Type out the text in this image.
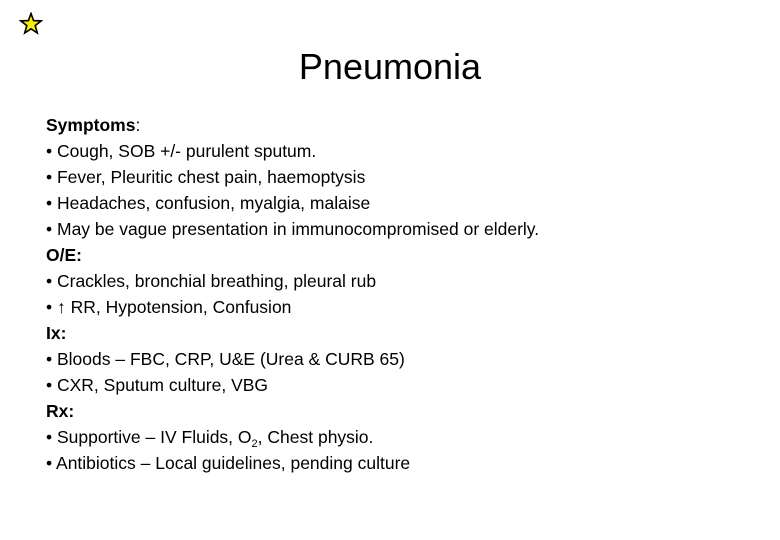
Pneumonia
Symptoms:
• Cough, SOB +/- purulent sputum.
• Fever, Pleuritic chest pain, haemoptysis
• Headaches, confusion, myalgia, malaise
• May be vague presentation in immunocompromised or elderly.
O/E:
• Crackles, bronchial breathing, pleural rub
• ↑ RR, Hypotension, Confusion
Ix:
• Bloods – FBC, CRP, U&E (Urea & CURB 65)
• CXR, Sputum culture, VBG
Rx:
• Supportive – IV Fluids, $O_2$, Chest physio.
• Antibiotics – Local guidelines, pending culture
